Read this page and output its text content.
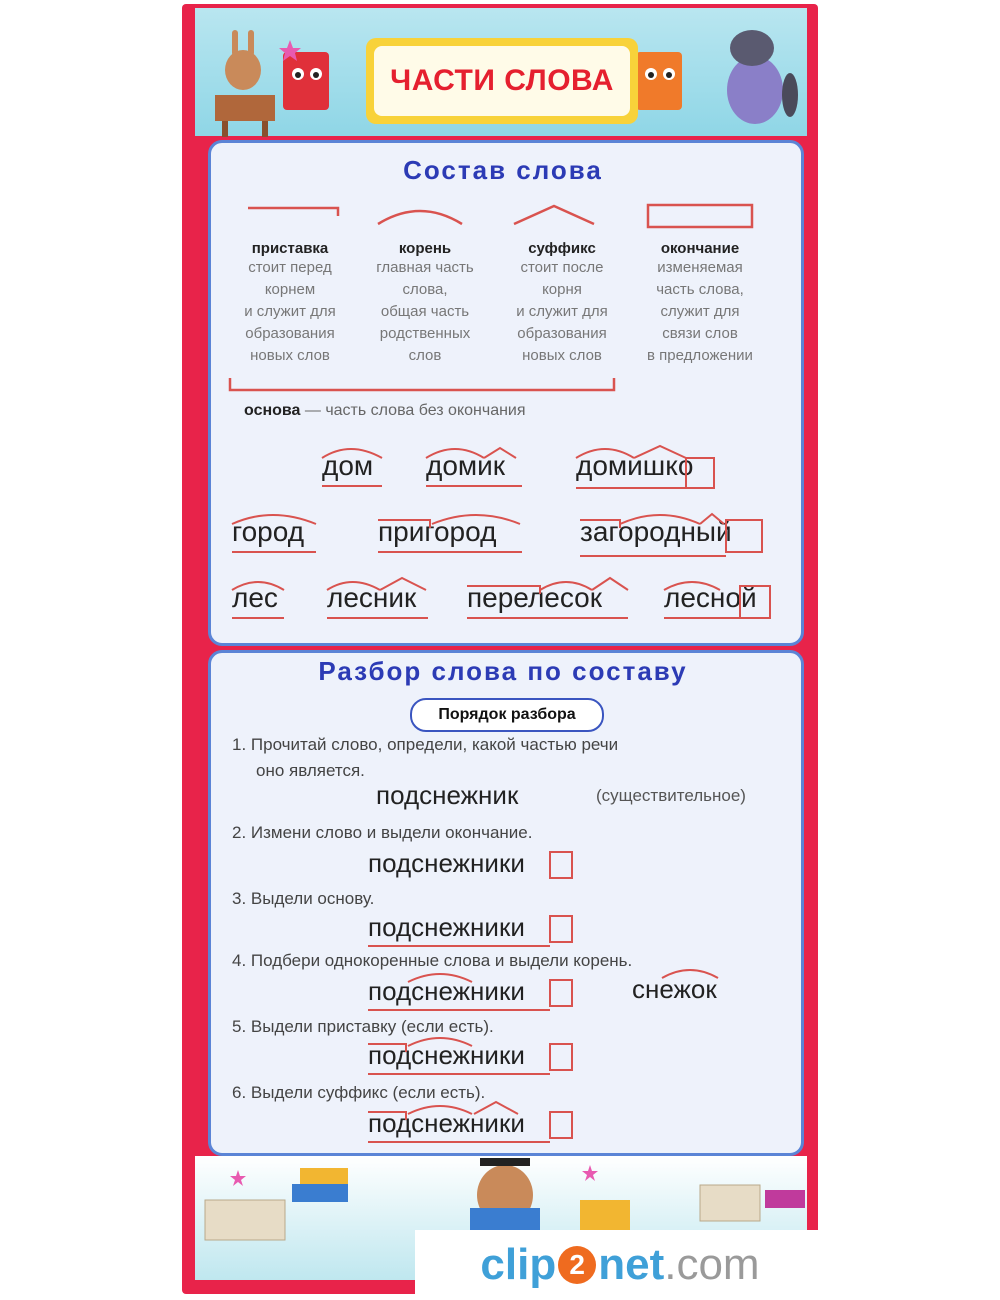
ЧАСТИ СЛОВА
Состав слова
приставка
стоит перед
корнем
и служит для
образования
новых слов
корень
главная часть
слова,
общая часть
родственных
слов
суффикс
стоит после
корня
и служит для
образования
новых слов
окончание
изменяемая
часть слова,
служит для
связи слов
в предложении
основа — часть слова без окончания
дом домик	домишко
город	пригород	загородный
лес лесник перелесок лесной
Разбор слова по составу
Порядок разбора
1. Прочитай слово, определи, какой частью речи
оно является.
подснежник	(существительное)
2. Измени слово и выдели окончание.
подснежники
3. Выдели основу.
подснежники
4. Подбери однокоренные слова и выдели корень.
подснежники	снежок
5. Выдели приставку (если есть).
подснежники
6. Выдели суффикс (если есть).
подснежники
clip 2 net .com
